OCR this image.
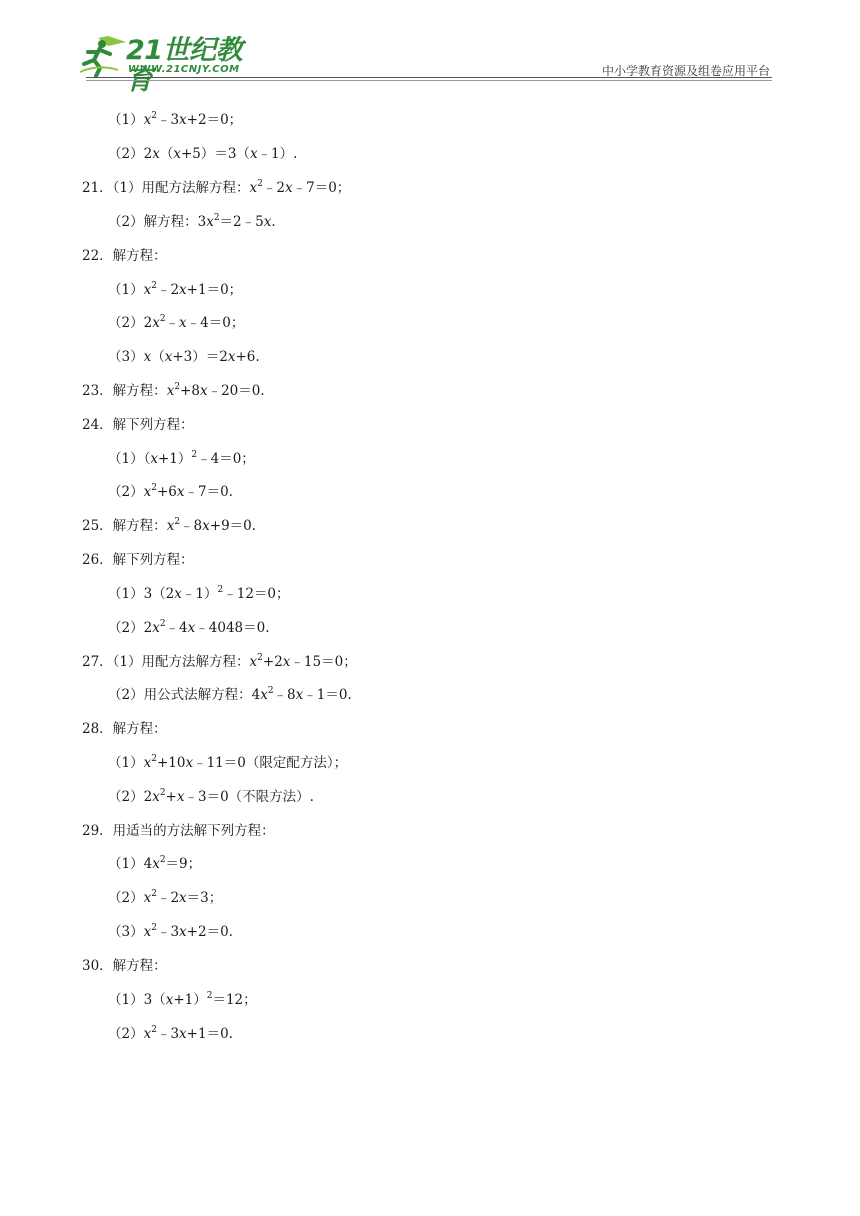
21世纪教育
WWW.21CNJY.COM	中小学教育资源及组卷应用平台
$(1)x^2﹣3x+2=0$；
（2）2x（x+5）＝3（x﹣1）.
21．（1）用配方法解方程：$x^2﹣2x﹣7=0$；
（2）解方程：$3x^2=2﹣5x$.
22．解方程：
$(1)x^2﹣2x+1=0$；
$(2)2x^2﹣x﹣4=0$；
（3）x（x+3）＝2x+6.
23．解方程：$x^2+8x﹣20=0$.
24．解下列方程：
$(1)(x+1)^2﹣4=0$；
$(2)x^2+6x﹣7=0$.
25．解方程：$x^2﹣8x+9=0$.
26．解下列方程：
（1）3（2x﹣1）$^2$﹣12＝0；
$(2)2x^2﹣4x﹣4048=0$.
27．（1）用配方法解方程：$x^2+2x﹣15=0$；
（2）用公式法解方程：$4x^2﹣8x﹣1=0$.
28．解方程：
$(1)x^2+10x﹣11=0$（限定配方法）；
$(2)2x^2+x﹣3=0$（不限方法）.
29．用适当的方法解下列方程：
$(1)4x^2=9$；
$(2)x^2﹣2x=3$；
$(3)x^2﹣3x+2=0$.
30．解方程：
$(1)3(x+1)^2=12$；
$(2)x^2﹣3x+1=0$.
